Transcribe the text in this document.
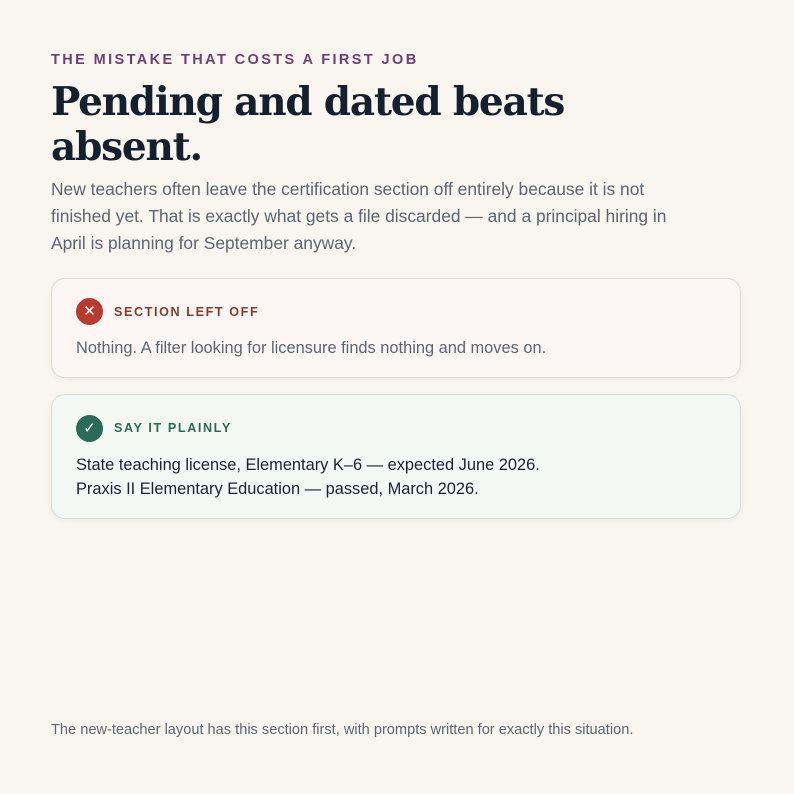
THE MISTAKE THAT COSTS A FIRST JOB

Pending and dated beats absent.

New teachers often leave the certification section off entirely because it is not finished yet. That is exactly what gets a file discarded — and a principal hiring in April is planning for September anyway.

✕	SECTION LEFT OFF

Nothing. A filter looking for licensure finds nothing and moves on.

✓	SAY IT PLAINLY
State teaching license, Elementary K–6 — expected June 2026.
Praxis II Elementary Education — passed, March 2026.

The new-teacher layout has this section first, with prompts written for exactly this situation.
